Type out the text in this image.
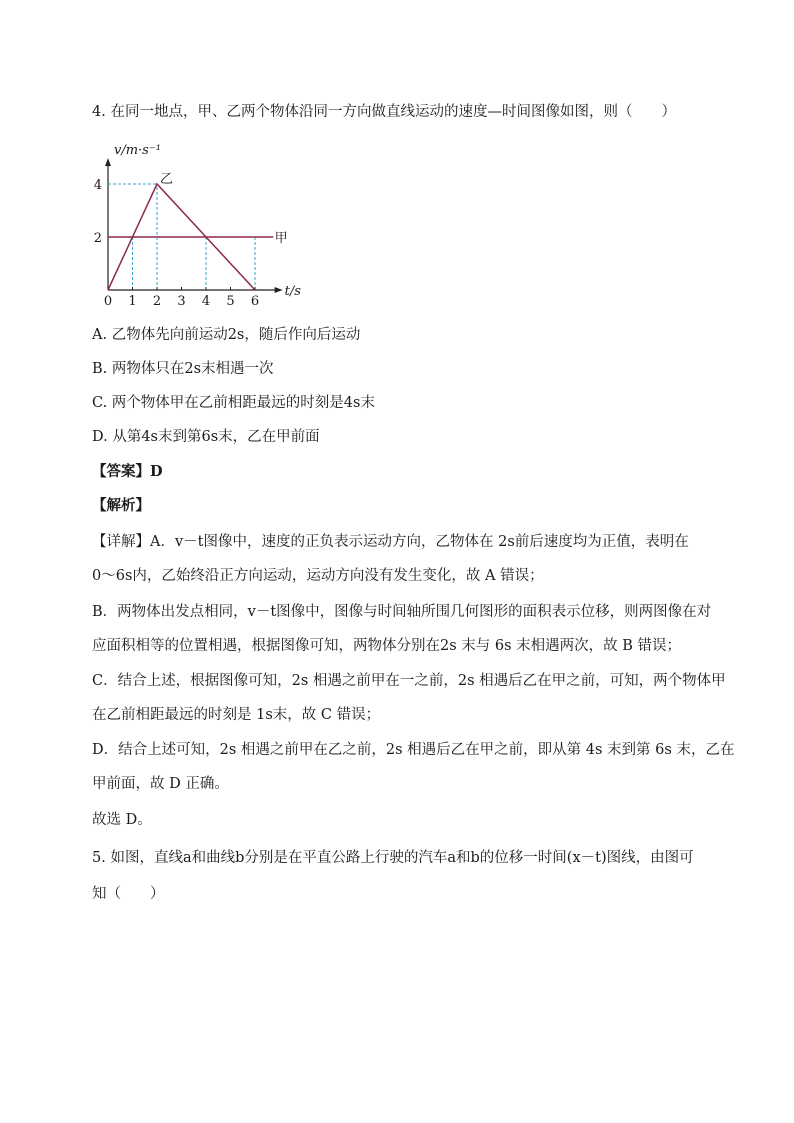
4. 在同一地点，甲、乙两个物体沿同一方向做直线运动的速度—时间图像如图，则（　　）
甲
乙
0 1 2 3 4 5 6
2
4
v/m·s⁻¹
t/s
A. 乙物体先向前运动2s，随后作向后运动
B. 两物体只在2s末相遇一次
C. 两个物体甲在乙前相距最远的时刻是4s末
D. 从第4s末到第6s末，乙在甲前面
【答案】D
【解析】
【详解】A．v－t图像中，速度的正负表示运动方向，乙物体在 2s前后速度均为正值，表明在
0～6s内，乙始终沿正方向运动，运动方向没有发生变化，故 A 错误；
B．两物体出发点相同，v－t图像中，图像与时间轴所围几何图形的面积表示位移，则两图像在对
应面积相等的位置相遇，根据图像可知，两物体分别在2s 末与 6s 末相遇两次，故 B 错误；
C．结合上述，根据图像可知，2s 相遇之前甲在一之前，2s 相遇后乙在甲之前，可知，两个物体甲
在乙前相距最远的时刻是 1s末，故 C 错误；
D．结合上述可知，2s 相遇之前甲在乙之前，2s 相遇后乙在甲之前，即从第 4s 末到第 6s 末，乙在
甲前面，故 D 正确。
故选 D。
5. 如图，直线a和曲线b分别是在平直公路上行驶的汽车a和b的位移一时间(x－t)图线，由图可
知（　　）
